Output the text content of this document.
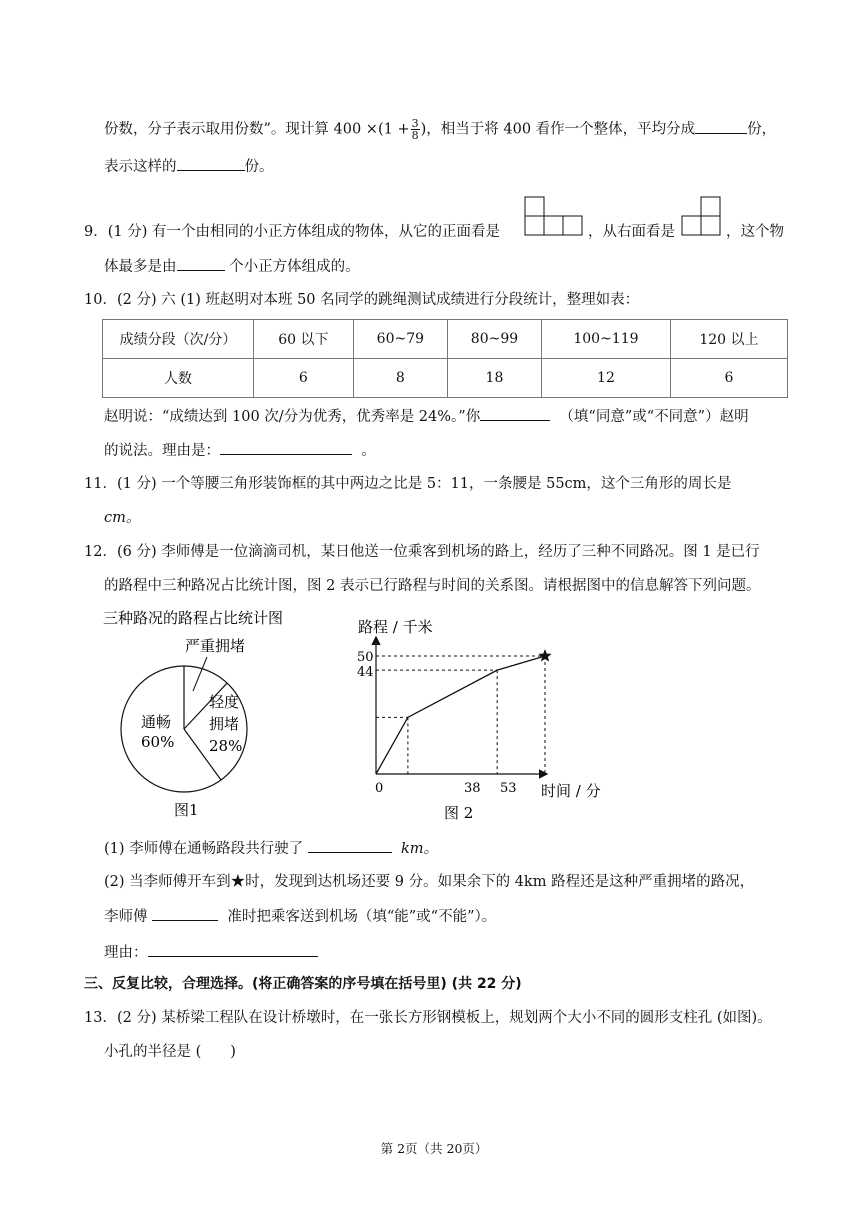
份数，分子表示取用份数”。现计算 $400 \times(1 + \frac{3}{8}$ )，相当于将 400 看作一个整体，平均分成	份，
表示这样的	份。
9．(1 分) 有一个由相同的小正方体组成的物体，从它的正面看是	，从右面看是	，这个物
体最多是由	个小正方体组成的。
10．(2 分) 六 (1) 班赵明对本班 50 名同学的跳绳测试成绩进行分段统计，整理如表：
成绩分段（次/分）	60 以下	60~79	80~99	100~119	120 以上
人数	6	8	18	12	6
赵明说：“成绩达到 100 次/分为优秀，优秀率是 24%。”你	（填“同意”或“不同意”）赵明
的说法。理由是：	。
11．(1 分) 一个等腰三角形装饰框的其中两边之比是 5：11，一条腰是 55cm，这个三角形的周长是
cm。
12．(6 分) 李师傅是一位滴滴司机，某日他送一位乘客到机场的路上，经历了三种不同路况。图 1 是已行
的路程中三种路况占比统计图，图 2 表示已行路程与时间的关系图。请根据图中的信息解答下列问题。
三种路况的路程占比统计图
严重拥堵
通畅
60%
轻度
拥堵
28%
图1
路程 / 千米
时间 / 分
0
50
44
38 53
图 2
(1) 李师傅在通畅路段共行驶了	km。
(2) 当李师傅开车到★时，发现到达机场还要 9 分。如果余下的 4km 路程还是这种严重拥堵的路况，
李师傅	准时把乘客送到机场（填“能”或“不能”）。
理由：
三、反复比较，合理选择。(将正确答案的序号填在括号里) (共 22 分)
13．(2 分) 某桥梁工程队在设计桥墩时，在一张长方形钢模板上，规划两个大小不同的圆形支柱孔 (如图)。
小孔的半径是 (　　)
第 2页（共 20页）
